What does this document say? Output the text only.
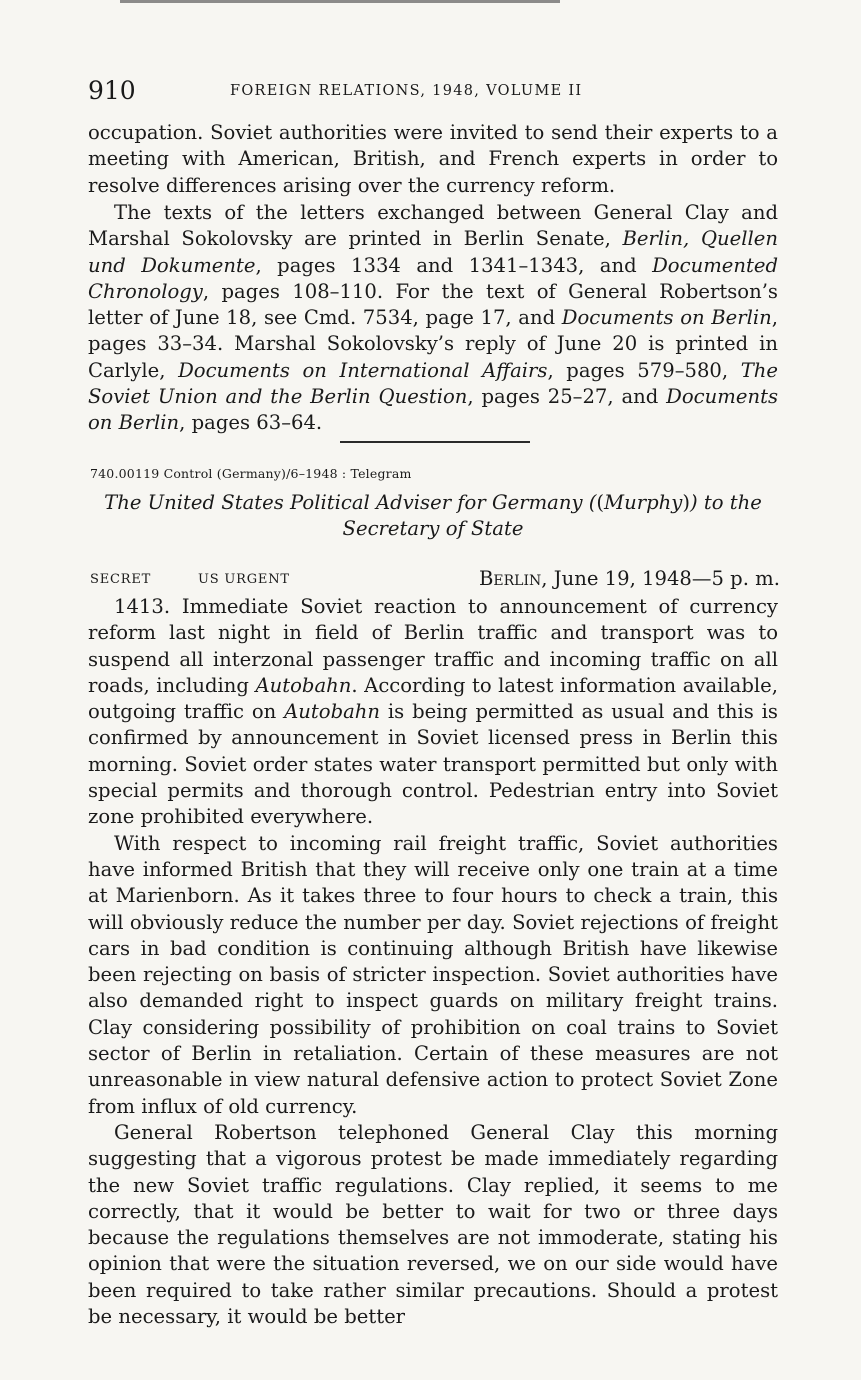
910	FOREIGN RELATIONS, 1948, VOLUME II

occupation. Soviet authorities were invited to send their experts to a meeting with American, British, and French experts in order to resolve differences arising over the currency reform.

The texts of the letters exchanged between General Clay and Marshal Sokolovsky are printed in Berlin Senate, Berlin, Quellen und Dokumente, pages 1334 and 1341–1343, and Documented Chronology, pages 108–110. For the text of General Robertson’s letter of June 18, see Cmd. 7534, page 17, and Documents on Berlin, pages 33–34. Marshal Sokolovsky’s reply of June 20 is printed in Carlyle, Documents on International Affairs, pages 579–580, The Soviet Union and the Berlin Question, pages 25–27, and Documents on Berlin, pages 63–64.

740.00119 Control (Germany)/6–1948 : Telegram
The United States Political Adviser for Germany ((Murphy)) to the
Secretary of State
SECRET	US URGENT	Berlin, June 19, 1948—5 p. m.

1413. Immediate Soviet reaction to announcement of currency reform last night in field of Berlin traffic and transport was to suspend all interzonal passenger traffic and incoming traffic on all roads, including Autobahn. According to latest information available, outgoing traffic on Autobahn is being permitted as usual and this is confirmed by announcement in Soviet licensed press in Berlin this morning. Soviet order states water transport permitted but only with special permits and thorough control. Pedestrian entry into Soviet zone prohibited everywhere.

With respect to incoming rail freight traffic, Soviet authorities have informed British that they will receive only one train at a time at Marienborn. As it takes three to four hours to check a train, this will obviously reduce the number per day. Soviet rejections of freight cars in bad condition is continuing although British have likewise been rejecting on basis of stricter inspection. Soviet authorities have also demanded right to inspect guards on military freight trains. Clay considering possibility of prohibition on coal trains to Soviet sector of Berlin in retaliation. Certain of these measures are not unreasonable in view natural defensive action to protect Soviet Zone from influx of old currency.

General Robertson telephoned General Clay this morning suggesting that a vigorous protest be made immediately regarding the new Soviet traffic regulations. Clay replied, it seems to me correctly, that it would be better to wait for two or three days because the regulations themselves are not immoderate, stating his opinion that were the situation reversed, we on our side would have been required to take rather similar precautions. Should a protest be necessary, it would be better
